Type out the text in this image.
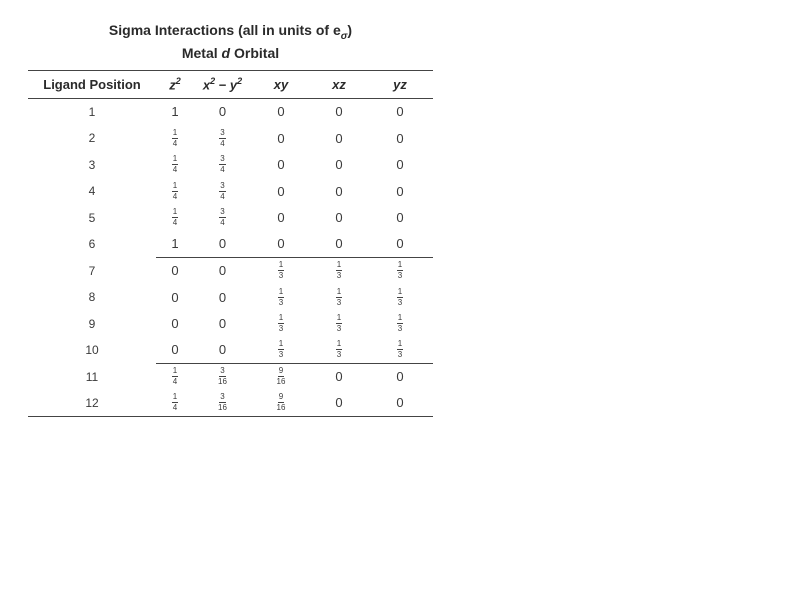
Sigma Interactions (all in units of $e_\sigma$)
Metal d Orbital
Ligand Position	$z^2$	$x^2 - y^2$	xy	xz	yz
1	1	0	0	0	0
2	$\frac{1}{4}$	$\frac{3}{4}$	0	0	0
3	$\frac{1}{4}$	$\frac{3}{4}$	0	0	0
4	$\frac{1}{4}$	$\frac{3}{4}$	0	0	0
5	$\frac{1}{4}$	$\frac{3}{4}$	0	0	0
6	1	0	0	0	0
7	0	0	$\frac{1}{3}$	$\frac{1}{3}$	$\frac{1}{3}$

8	0	0	$\frac{1}{3}$	$\frac{1}{3}$	$\frac{1}{3}$

9	0	0	$\frac{1}{3}$	$\frac{1}{3}$	$\frac{1}{3}$

10	0	0	$\frac{1}{3}$	$\frac{1}{3}$	$\frac{1}{3}$

11	$\frac{1}{4}$	$\frac{3}{16}$	$\frac{9}{16}$	0	0
12	$\frac{1}{4}$	$\frac{3}{16}$	$\frac{9}{16}$	0	0
